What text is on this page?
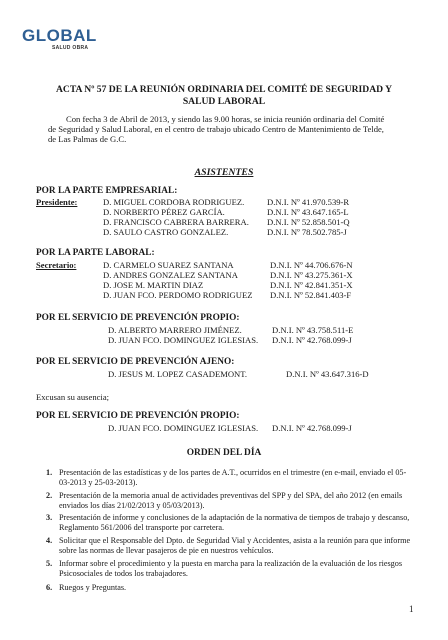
GLOBAL
SALUD OBRA
ACTA Nº 57 DE LA REUNIÓN ORDINARIA DEL COMITÉ DE SEGURIDAD Y
SALUD LABORAL
Con fecha 3 de Abril de 2013, y siendo las 9.00 horas, se inicia reunión ordinaria del Comité
de Seguridad y Salud Laboral, en el centro de trabajo ubicado Centro de Mantenimiento de Telde,
de Las Palmas de G.C.
ASISTENTES
POR LA PARTE EMPRESARIAL:
Presidente:	D. MIGUEL CORDOBA RODRIGUEZ.	D.N.I. Nº 41.970.539-R
D. NORBERTO PÉREZ GARCÍA.	D.N.I. Nº 43.647.165-L
D. FRANCISCO CABRERA BARRERA. D.N.I. Nº 52.858.501-Q
D. SAULO CASTRO GONZALEZ.	D.N.I. Nº 78.502.785-J
POR LA PARTE LABORAL:
Secretario:	D. CARMELO SUAREZ SANTANA	D.N.I. Nº 44.706.676-N
D. ANDRES GONZALEZ SANTANA	D.N.I. Nº 43.275.361-X
D. JOSE M. MARTIN DIAZ	D.N.I. Nº 42.841.351-X
D. JUAN FCO. PERDOMO RODRIGUEZ D.N.I. Nº 52.841.403-F
POR EL SERVICIO DE PREVENCIÓN PROPIO:
D. ALBERTO MARRERO JIMÉNEZ.	D.N.I. Nº 43.758.511-E
D. JUAN FCO. DOMINGUEZ IGLESIAS. D.N.I. Nº 42.768.099-J
POR EL SERVICIO DE PREVENCIÓN AJENO:
D. JESUS M. LOPEZ CASADEMONT.	D.N.I. Nº 43.647.316-D
Excusan su ausencia;
POR EL SERVICIO DE PREVENCIÓN PROPIO:
D. JUAN FCO. DOMINGUEZ IGLESIAS. D.N.I. Nº 42.768.099-J
ORDEN DEL DÍA
1. Presentación de las estadísticas y de los partes de A.T., ocurridos en el trimestre (en e-mail, enviado el 05-03-2013 y 25-03-2013).
2. Presentación de la memoria anual de actividades preventivas del SPP y del SPA, del año 2012 (en emails enviados los días 21/02/2013 y 05/03/2013).
3. Presentación de informe y conclusiones de la adaptación de la normativa de tiempos de trabajo y descanso, Reglamento 561/2006 del transporte por carretera.
4. Solicitar que el Responsable del Dpto. de Seguridad Vial y Accidentes, asista a la reunión para que informe sobre las normas de llevar pasajeros de pie en nuestros vehículos.
5. Informar sobre el procedimiento y la puesta en marcha para la realización de la evaluación de los riesgos Psicosociales de todos los trabajadores.
6. Ruegos y Preguntas.
1
